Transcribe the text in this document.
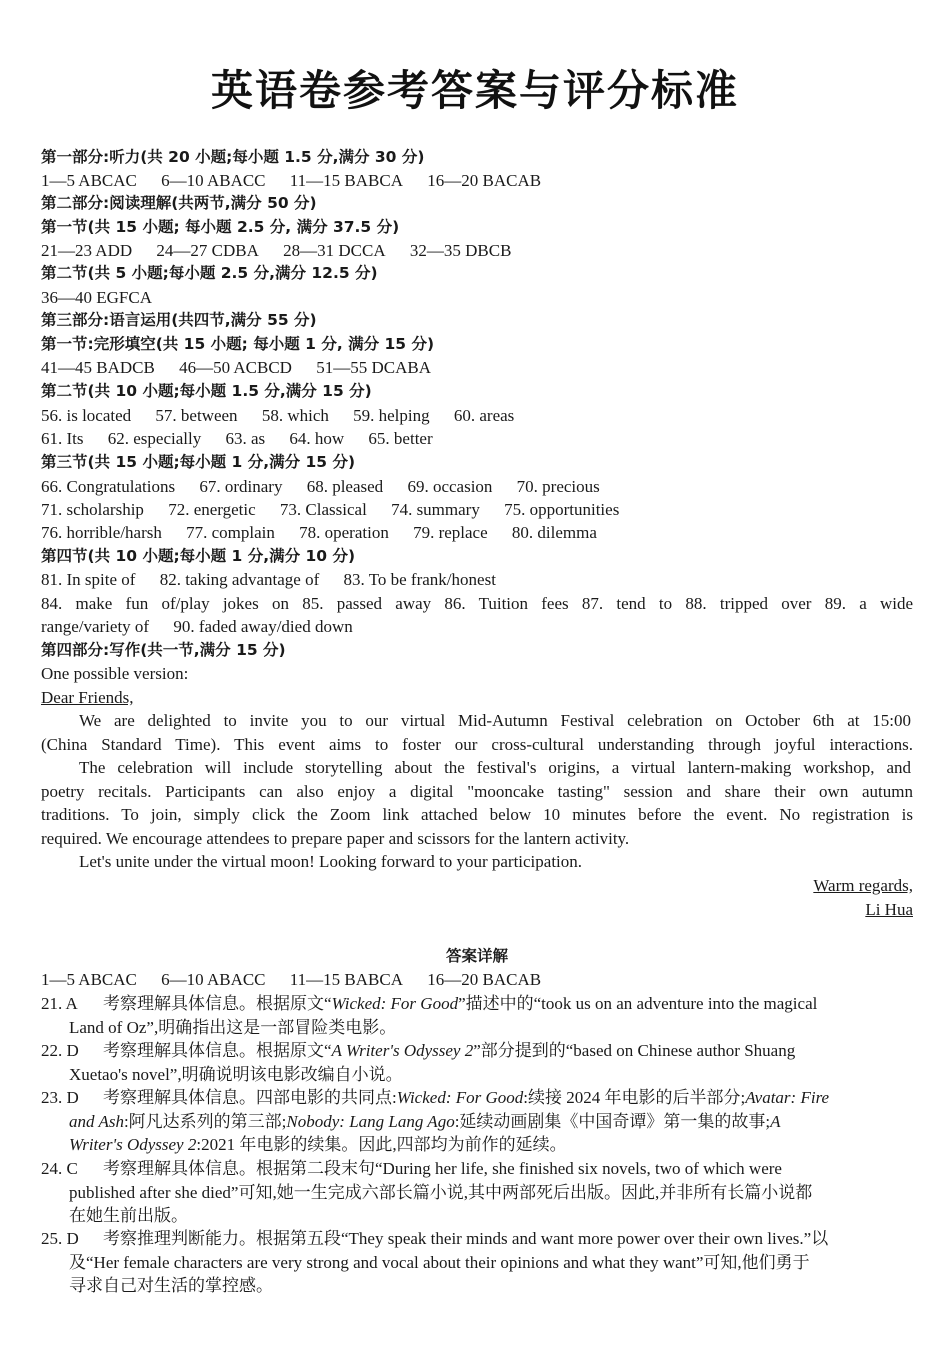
英语卷参考答案与评分标准
第一部分:听力(共 20 小题;每小题 1.5 分,满分 30 分)
1—5 ABCAC 6—10 ABACC 11—15 BABCA 16—20 BACAB
第二部分:阅读理解(共两节,满分 50 分)
第一节(共 15 小题; 每小题 2.5 分, 满分 37.5 分)
21—23 ADD 24—27 CDBA 28—31 DCCA 32—35 DBCB
第二节(共 5 小题;每小题 2.5 分,满分 12.5 分)
36—40 EGFCA
第三部分:语言运用(共四节,满分 55 分)
第一节:完形填空(共 15 小题; 每小题 1 分, 满分 15 分)
41—45 BADCB 46—50 ACBCD 51—55 DCABA
第二节(共 10 小题;每小题 1.5 分,满分 15 分)
56. is located 57. between 58. which 59. helping 60. areas
61. Its 62. especially 63. as 64. how 65. better
第三节(共 15 小题;每小题 1 分,满分 15 分)
66. Congratulations 67. ordinary 68. pleased 69. occasion 70. precious
71. scholarship 72. energetic 73. Classical 74. summary 75. opportunities
76. horrible/harsh 77. complain 78. operation 79. replace 80. dilemma
第四节(共 10 小题;每小题 1 分,满分 10 分)
81. In spite of 82. taking advantage of 83. To be frank/honest
84. make fun of/play jokes on 85. passed away 86. Tuition fees 87. tend to 88. tripped over 89. a wide
range/variety of 90. faded away/died down
第四部分:写作(共一节,满分 15 分)
One possible version:
Dear Friends,
We are delighted to invite you to our virtual Mid-Autumn Festival celebration on October 6th at 15:00
(China Standard Time). This event aims to foster our cross-cultural understanding through joyful interactions.
The celebration will include storytelling about the festival's origins, a virtual lantern-making workshop, and
poetry recitals. Participants can also enjoy a digital "mooncake tasting" session and share their own autumn
traditions. To join, simply click the Zoom link attached below 10 minutes before the event. No registration is
required. We encourage attendees to prepare paper and scissors for the lantern activity.
Let's unite under the virtual moon! Looking forward to your participation.
Warm regards,
Li Hua
答案详解
1—5 ABCAC 6—10 ABACC 11—15 BABCA 16—20 BACAB
21. A 考察理解具体信息。根据原文“Wicked: For Good”描述中的“took us on an adventure into the magical
Land of Oz”,明确指出这是一部冒险类电影。
22. D 考察理解具体信息。根据原文“A Writer's Odyssey 2”部分提到的“based on Chinese author Shuang
Xuetao's novel”,明确说明该电影改编自小说。
23. D 考察理解具体信息。四部电影的共同点:Wicked: For Good:续接 2024 年电影的后半部分;Avatar: Fire
and Ash:阿凡达系列的第三部;Nobody: Lang Lang Ago:延续动画剧集《中国奇谭》第一集的故事;A
Writer's Odyssey 2:2021 年电影的续集。因此,四部均为前作的延续。
24. C 考察理解具体信息。根据第二段末句“During her life, she finished six novels, two of which were
published after she died”可知,她一生完成六部长篇小说,其中两部死后出版。因此,并非所有长篇小说都
在她生前出版。
25. D 考察推理判断能力。根据第五段“They speak their minds and want more power over their own lives.”以
及“Her female characters are very strong and vocal about their opinions and what they want”可知,他们勇于
寻求自己对生活的掌控感。
